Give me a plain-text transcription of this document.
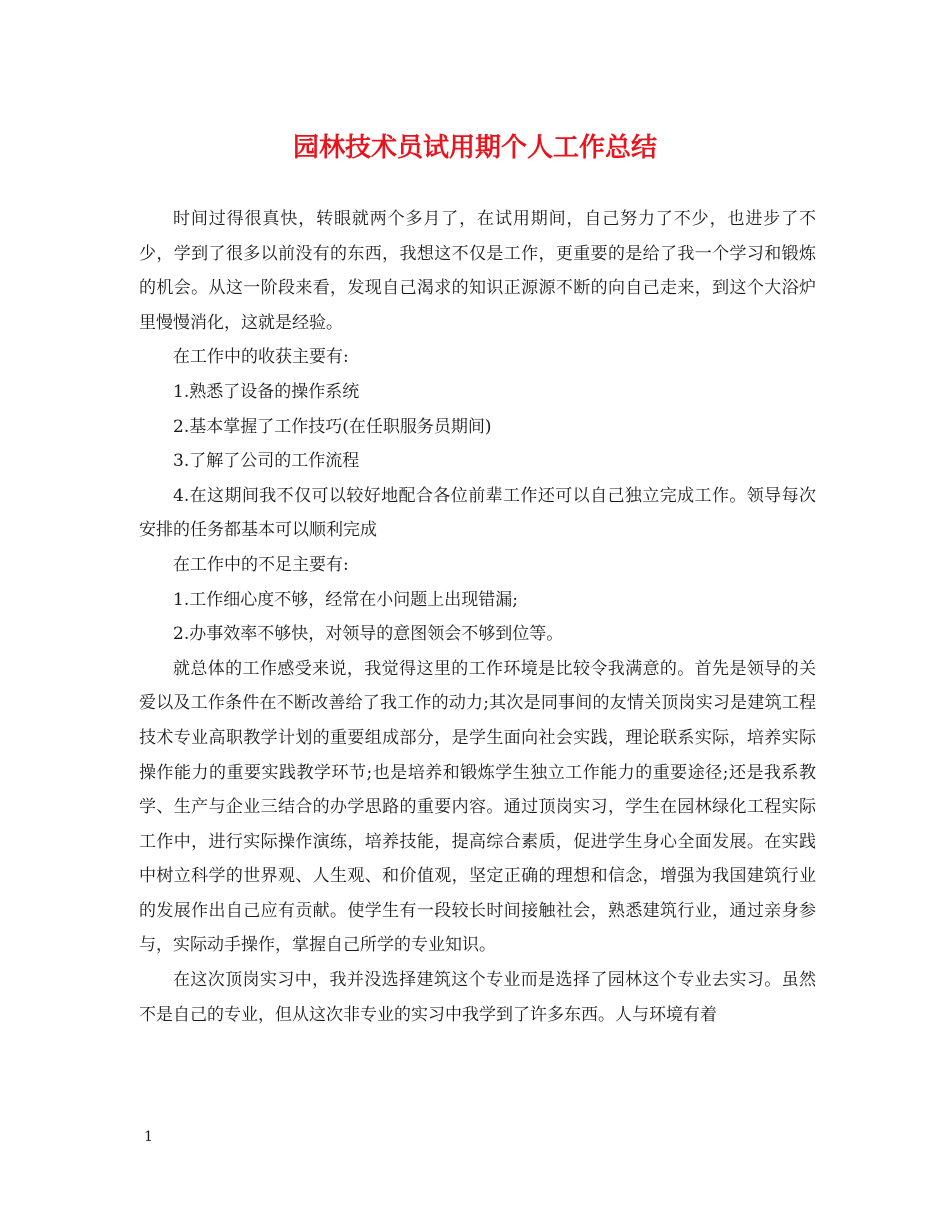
园林技术员试用期个人工作总结

时间过得很真快，转眼就两个多月了，在试用期间，自己努力了不少，也进步了不少，学到了很多以前没有的东西，我想这不仅是工作，更重要的是给了我一个学习和锻炼的机会。从这一阶段来看，发现自己渴求的知识正源源不断的向自己走来，到这个大浴炉里慢慢消化，这就是经验。

在工作中的收获主要有:

1.熟悉了设备的操作系统

2.基本掌握了工作技巧(在任职服务员期间)

3.了解了公司的工作流程

4.在这期间我不仅可以较好地配合各位前辈工作还可以自己独立完成工作。领导每次安排的任务都基本可以顺利完成

在工作中的不足主要有:

1.工作细心度不够，经常在小问题上出现错漏;

2.办事效率不够快，对领导的意图领会不够到位等。

就总体的工作感受来说，我觉得这里的工作环境是比较令我满意的。首先是领导的关爱以及工作条件在不断改善给了我工作的动力;其次是同事间的友情关顶岗实习是建筑工程技术专业高职教学计划的重要组成部分，是学生面向社会实践，理论联系实际，培养实际操作能力的重要实践教学环节;也是培养和锻炼学生独立工作能力的重要途径;还是我系教学、生产与企业三结合的办学思路的重要内容。通过顶岗实习，学生在园林绿化工程实际工作中，进行实际操作演练，培养技能，提高综合素质，促进学生身心全面发展。在实践中树立科学的世界观、人生观、和价值观，坚定正确的理想和信念，增强为我国建筑行业的发展作出自己应有贡献。使学生有一段较长时间接触社会，熟悉建筑行业，通过亲身参与，实际动手操作，掌握自己所学的专业知识。

在这次顶岗实习中，我并没选择建筑这个专业而是选择了园林这个专业去实习。虽然不是自己的专业，但从这次非专业的实习中我学到了许多东西。人与环境有着

1
